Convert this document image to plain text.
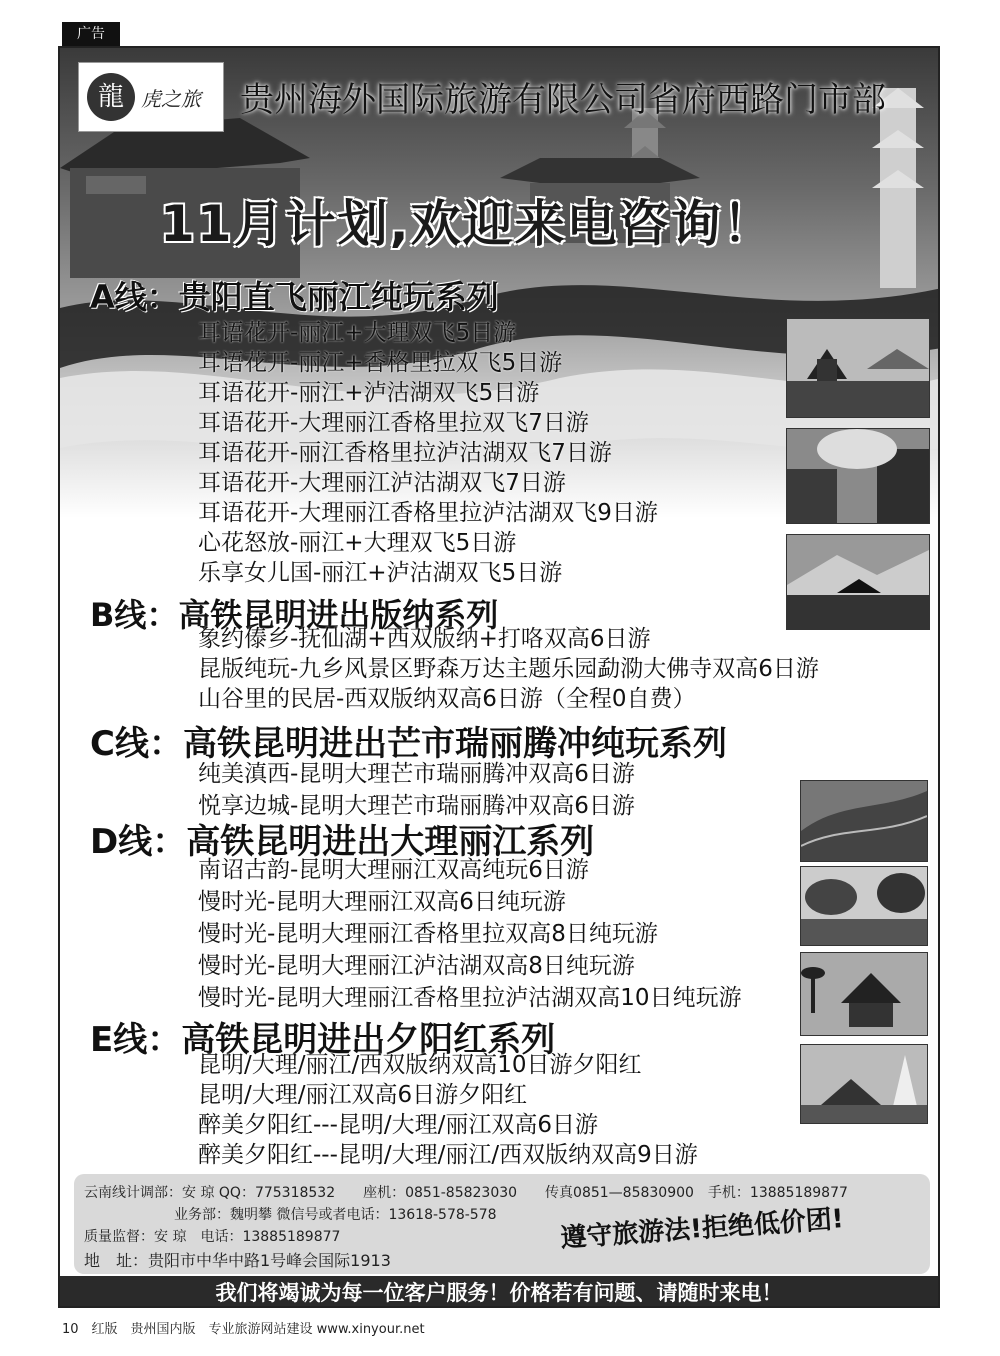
广告
龍 虎之旅 贵州海外国际旅游有限公司省府西路门市部
11月计划,欢迎来电咨询！
A线：贵阳直飞丽江纯玩系列
耳语花开-丽江+大理双飞5日游
耳语花开-丽江+香格里拉双飞5日游
耳语花开-丽江+泸沽湖双飞5日游
耳语花开-大理丽江香格里拉双飞7日游
耳语花开-丽江香格里拉泸沽湖双飞7日游
耳语花开-大理丽江泸沽湖双飞7日游
耳语花开-大理丽江香格里拉泸沽湖双飞9日游
心花怒放-丽江+大理双飞5日游
乐享女儿国-丽江+泸沽湖双飞5日游
B线：高铁昆明进出版纳系列
象约傣乡-抚仙湖+西双版纳+打咯双高6日游
昆版纯玩-九乡风景区野森万达主题乐园勐泐大佛寺双高6日游
山谷里的民居-西双版纳双高6日游（全程0自费）
C线：高铁昆明进出芒市瑞丽腾冲纯玩系列
纯美滇西-昆明大理芒市瑞丽腾冲双高6日游
悦享边城-昆明大理芒市瑞丽腾冲双高6日游
D线：高铁昆明进出大理丽江系列
南诏古韵-昆明大理丽江双高纯玩6日游
慢时光-昆明大理丽江双高6日纯玩游
慢时光-昆明大理丽江香格里拉双高8日纯玩游
慢时光-昆明大理丽江泸沽湖双高8日纯玩游
慢时光-昆明大理丽江香格里拉泸沽湖双高10日纯玩游
E线：高铁昆明进出夕阳红系列
昆明/大理/丽江/西双版纳双高10日游夕阳红
昆明/大理/丽江双高6日游夕阳红
醉美夕阳红---昆明/大理/丽江双高6日游
醉美夕阳红---昆明/大理/丽江/西双版纳双高9日游
云南线计调部：安 琼 QQ：775318532　　座机：0851-85823030　　传真0851—85830900　手机：13885189877
业务部：魏明攀 微信号或者电话：13618-578-578
质量监督：安 琼　电话：13885189877
地　址：贵阳市中华中路1号峰会国际1913
遵守旅游法!拒绝低价团!
我们将竭诚为每一位客户服务！价格若有问题、请随时来电！
10　红版　贵州国内版　专业旅游网站建设 www.xinyour.net
